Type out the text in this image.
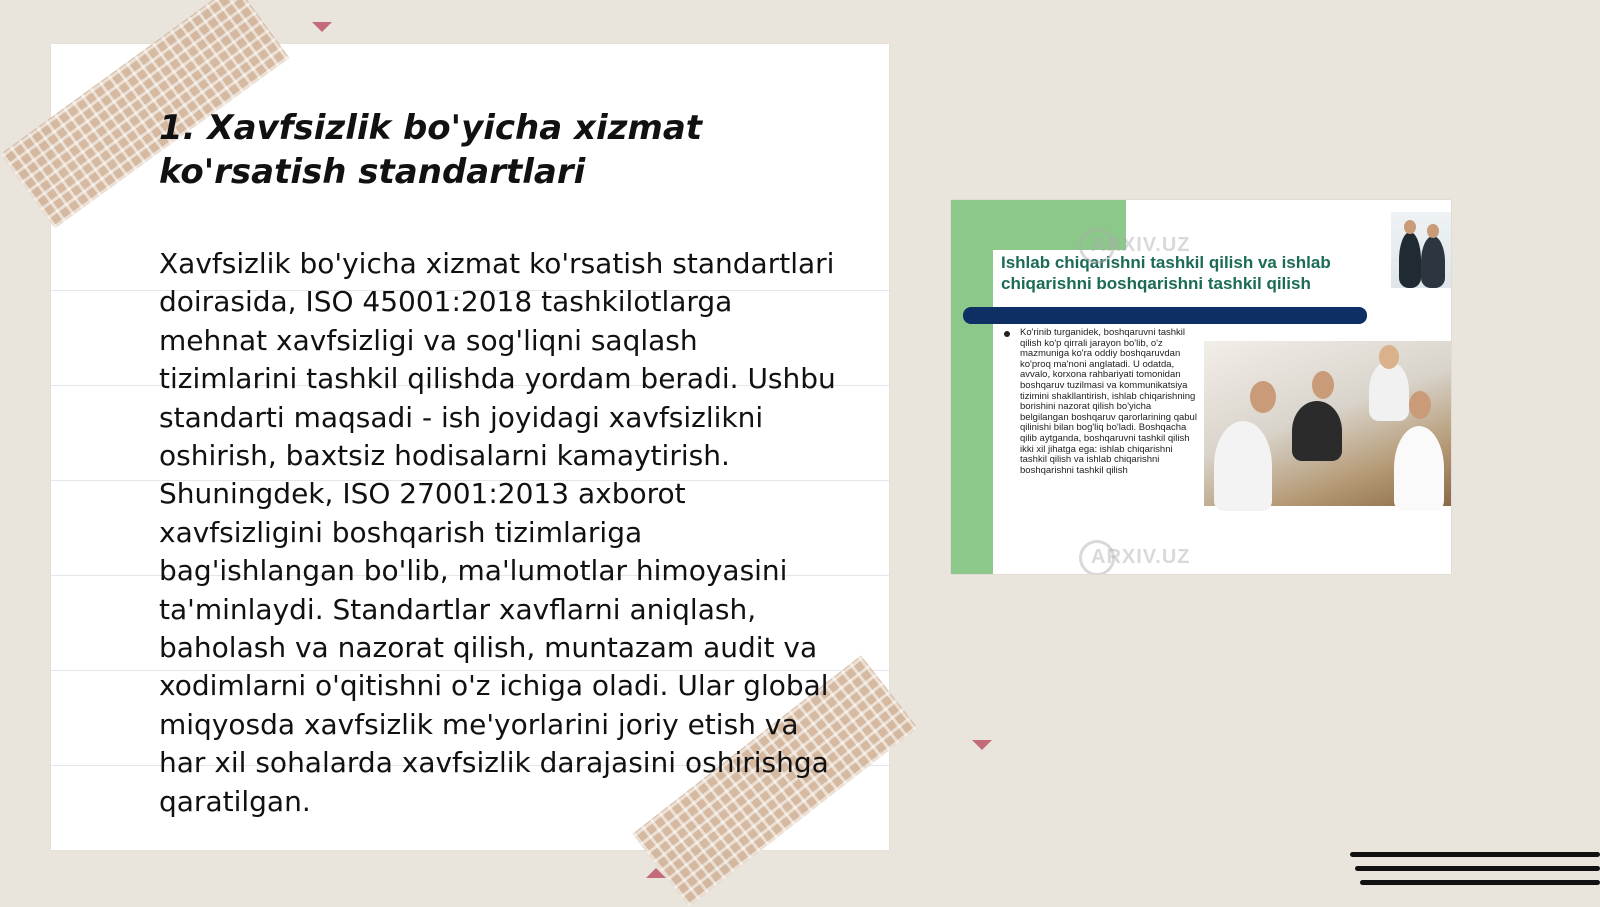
1. Xavfsizlik bo'yicha xizmat ko'rsatish standartlari

Xavfsizlik bo'yicha xizmat ko'rsatish standartlari doirasida, ISO 45001:2018 tashkilotlarga mehnat xavfsizligi va sog'liqni saqlash tizimlarini tashkil qilishda yordam beradi. Ushbu standarti maqsadi - ish joyidagi xavfsizlikni oshirish, baxtsiz hodisalarni kamaytirish. Shuningdek, ISO 27001:2013 axborot xavfsizligini boshqarish tizimlariga bag'ishlangan bo'lib, ma'lumotlar himoyasini ta'minlaydi. Standartlar xavflarni aniqlash, baholash va nazorat qilish, muntazam audit va xodimlarni o'qitishni o'z ichiga oladi. Ular global miqyosda xavfsizlik me'yorlarini joriy etish va har xil sohalarda xavfsizlik darajasini oshirishga qaratilgan.

Ishlab chiqarishni tashkil qilish va ishlab chiqarishni boshqarishni tashkil qilish

Ko'rinib turganidek, boshqaruvni tashkil qilish ko'p qirrali jarayon bo'lib, o'z mazmuniga ko'ra oddiy boshqaruvdan ko'proq ma'noni anglatadi. U odatda, avvalo, korxona rahbariyati tomonidan boshqaruv tuzilmasi va kommunikatsiya tizimini shakllantirish, ishlab chiqarishning borishini nazorat qilish bo'yicha belgilangan boshqaruv qarorlarining qabul qilinishi bilan bog'liq bo'ladi. Boshqacha qilib aytganda, boshqaruvni tashkil qilish ikki xil jihatga ega: ishlab chiqarishni tashkil qilish va ishlab chiqarishni boshqarishni tashkil qilish

ARXIV.UZ
ARXIV.UZ
